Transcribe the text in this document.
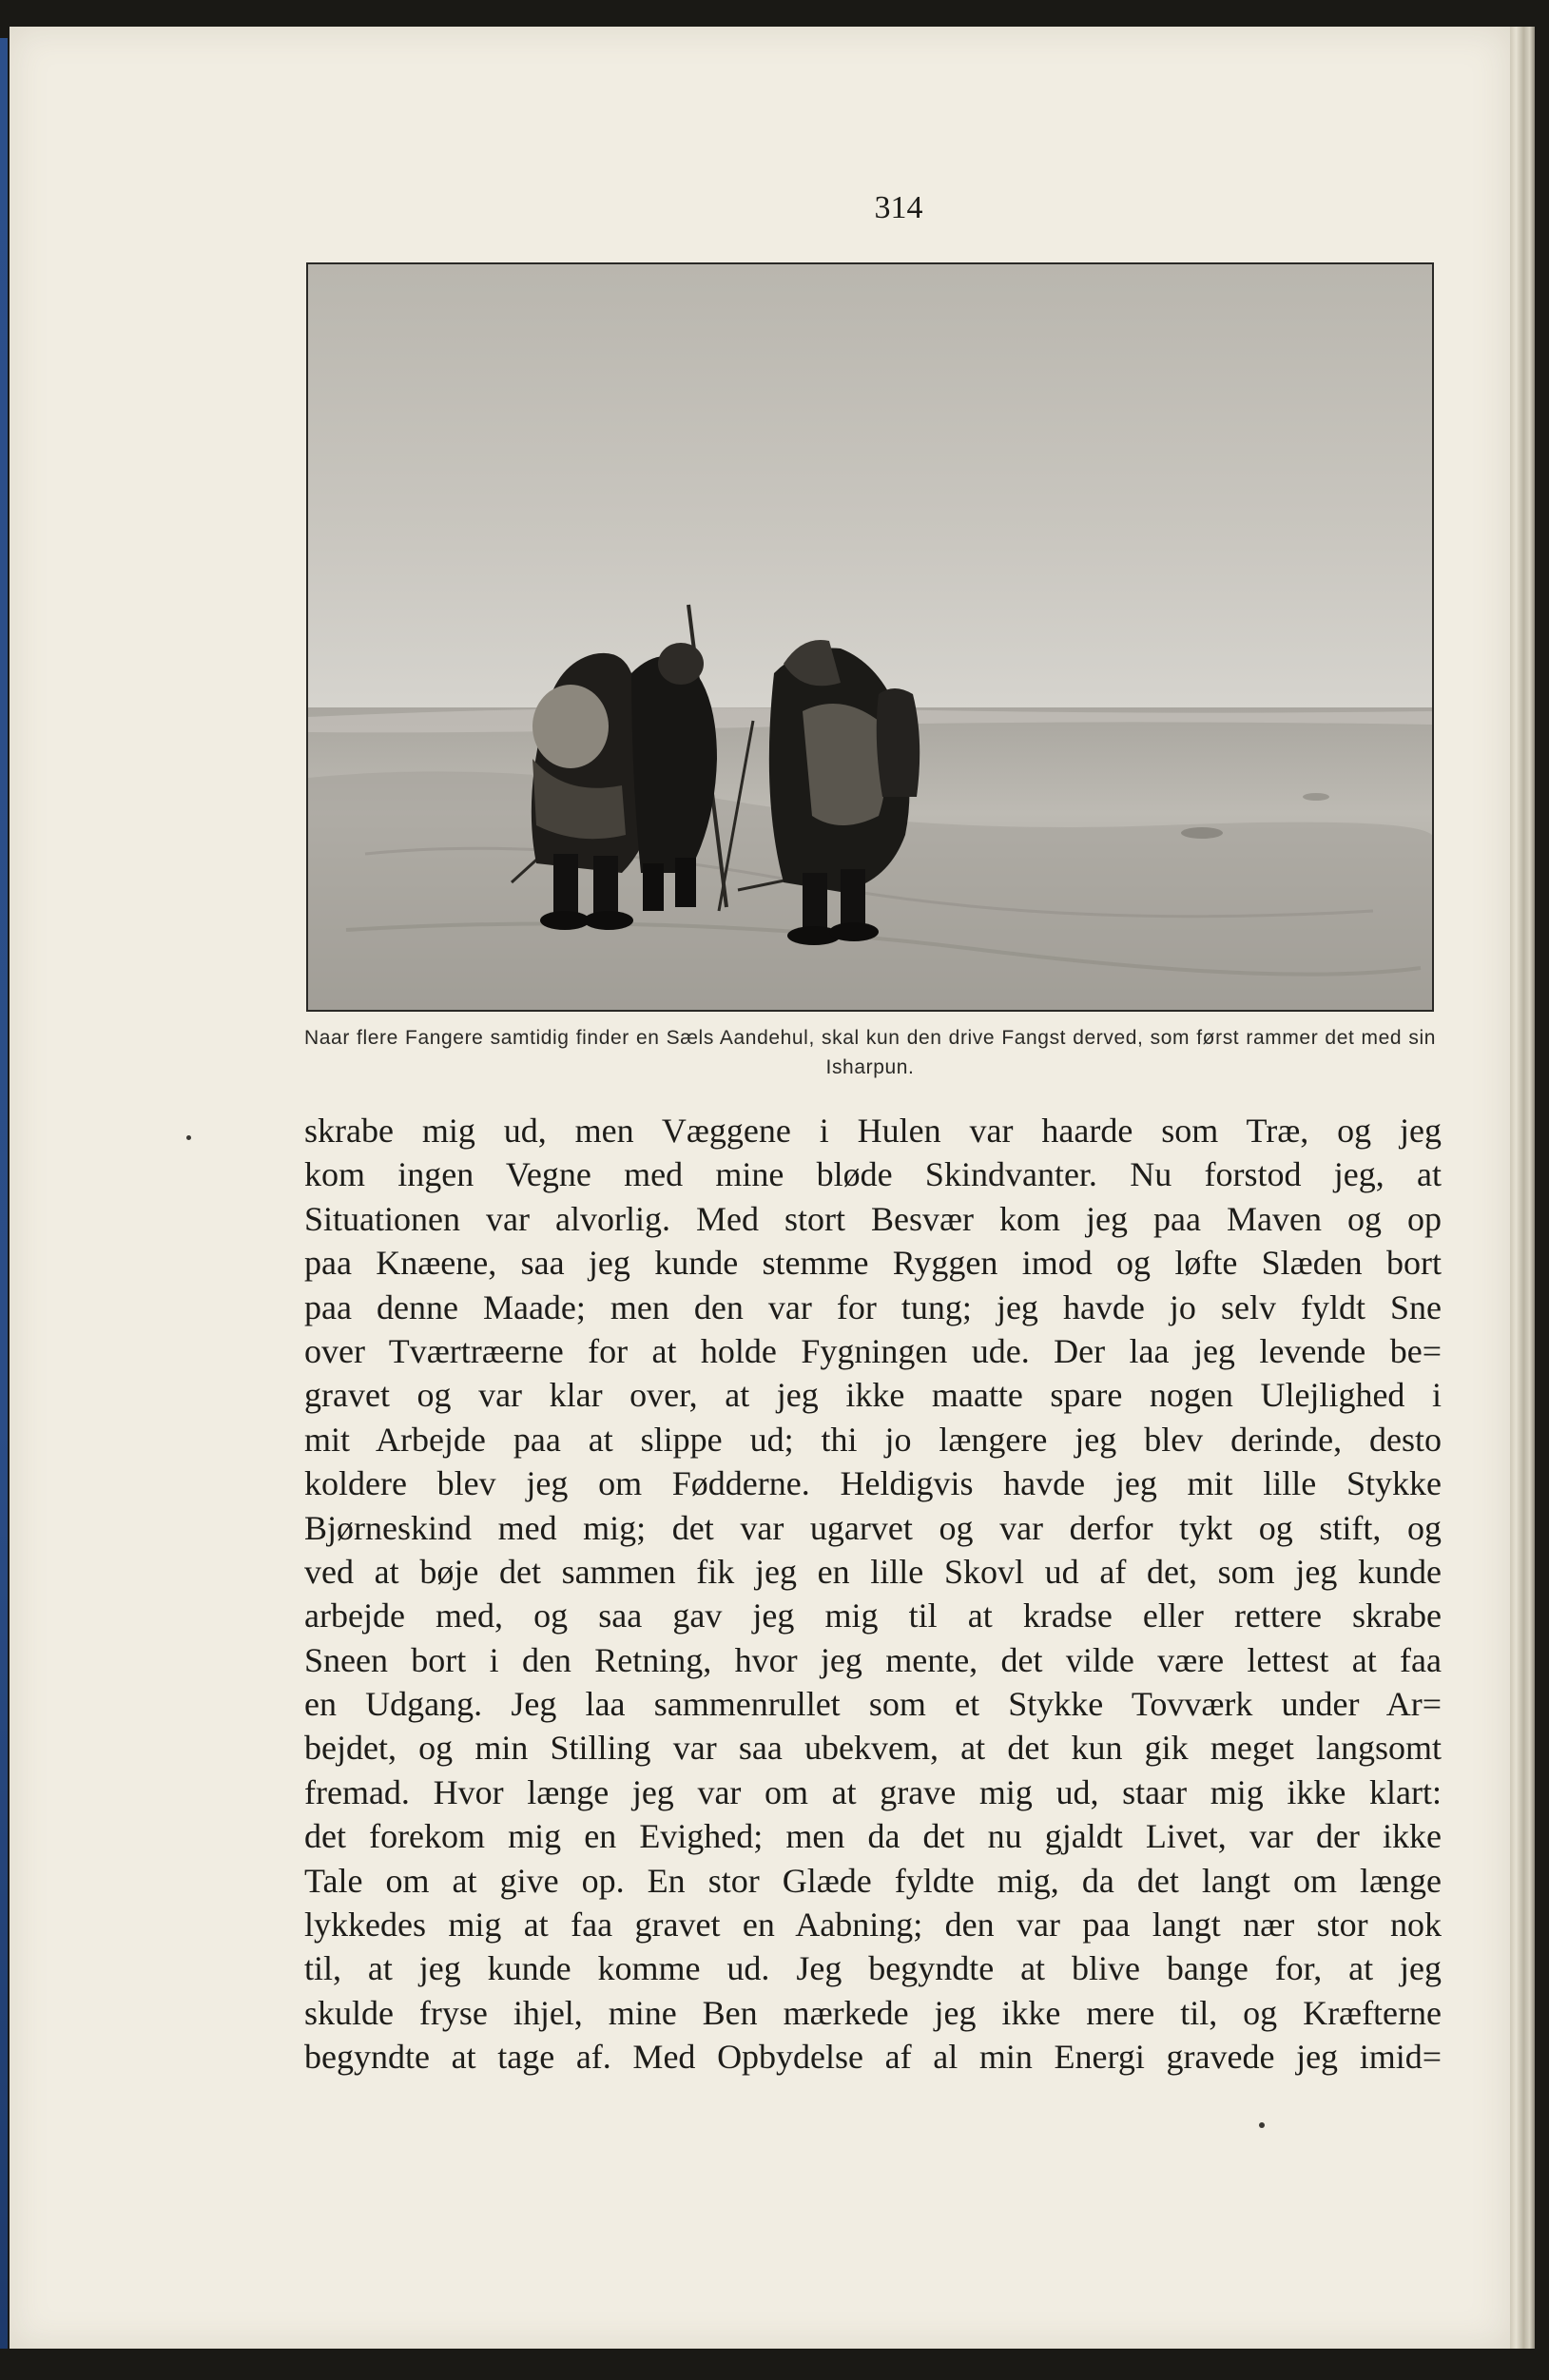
314
Naar flere Fangere samtidig finder en Sæls Aandehul, skal kun den drive Fangst derved, som først rammer det med sin Isharpun.
skrabe mig ud, men Væggene i Hulen var haarde som Træ, og jeg
kom ingen Vegne med mine bløde Skindvanter. Nu forstod jeg, at
Situationen var alvorlig. Med stort Besvær kom jeg paa Maven og op
paa Knæene, saa jeg kunde stemme Ryggen imod og løfte Slæden bort
paa denne Maade; men den var for tung; jeg havde jo selv fyldt Sne
over Tværtræerne for at holde Fygningen ude. Der laa jeg levende be=
gravet og var klar over, at jeg ikke maatte spare nogen Ulejlighed i
mit Arbejde paa at slippe ud; thi jo længere jeg blev derinde, desto
koldere blev jeg om Fødderne. Heldigvis havde jeg mit lille Stykke
Bjørneskind med mig; det var ugarvet og var derfor tykt og stift, og
ved at bøje det sammen fik jeg en lille Skovl ud af det, som jeg kunde
arbejde med, og saa gav jeg mig til at kradse eller rettere skrabe
Sneen bort i den Retning, hvor jeg mente, det vilde være lettest at faa
en Udgang. Jeg laa sammenrullet som et Stykke Tovværk under Ar=
bejdet, og min Stilling var saa ubekvem, at det kun gik meget langsomt
fremad. Hvor længe jeg var om at grave mig ud, staar mig ikke klart:
det forekom mig en Evighed; men da det nu gjaldt Livet, var der ikke
Tale om at give op. En stor Glæde fyldte mig, da det langt om længe
lykkedes mig at faa gravet en Aabning; den var paa langt nær stor nok
til, at jeg kunde komme ud. Jeg begyndte at blive bange for, at jeg
skulde fryse ihjel, mine Ben mærkede jeg ikke mere til, og Kræfterne
begyndte at tage af. Med Opbydelse af al min Energi gravede jeg imid=
